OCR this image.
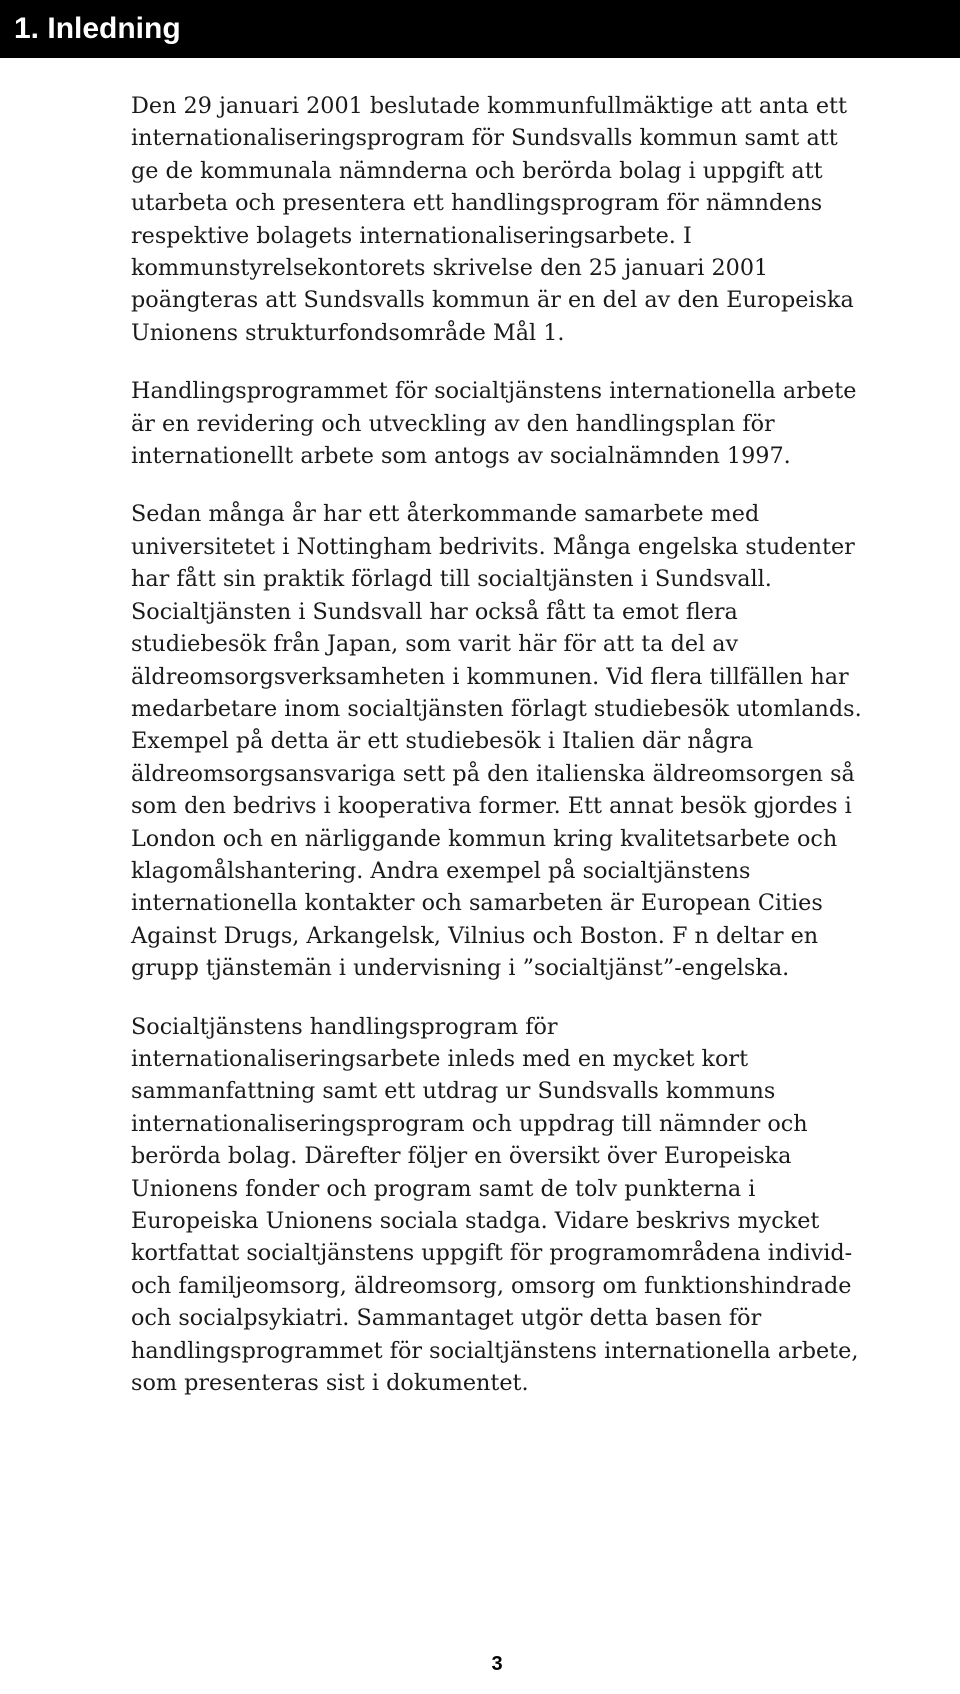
1. Inledning

Den 29 januari 2001 beslutade kommunfullmäktige att anta ett
internationaliseringsprogram för Sundsvalls kommun samt att
ge de kommunala nämnderna och berörda bolag i uppgift att
utarbeta och presentera ett handlingsprogram för nämndens
respektive bolagets internationaliseringsarbete. I
kommunstyrelsekontorets skrivelse den 25 januari 2001
poängteras att Sundsvalls kommun är en del av den Europeiska
Unionens strukturfondsområde Mål 1.

Handlingsprogrammet för socialtjänstens internationella arbete
är en revidering och utveckling av den handlingsplan för
internationellt arbete som antogs av socialnämnden 1997.

Sedan många år har ett återkommande samarbete med
universitetet i Nottingham bedrivits. Många engelska studenter
har fått sin praktik förlagd till socialtjänsten i Sundsvall.
Socialtjänsten i Sundsvall har också fått ta emot flera
studiebesök från Japan, som varit här för att ta del av
äldreomsorgsverksamheten i kommunen. Vid flera tillfällen har
medarbetare inom socialtjänsten förlagt studiebesök utomlands.
Exempel på detta är ett studiebesök i Italien där några
äldreomsorgsansvariga sett på den italienska äldreomsorgen så
som den bedrivs i kooperativa former. Ett annat besök gjordes i
London och en närliggande kommun kring kvalitetsarbete och
klagomålshantering. Andra exempel på socialtjänstens
internationella kontakter och samarbeten är European Cities
Against Drugs, Arkangelsk, Vilnius och Boston. F n deltar en
grupp tjänstemän i undervisning i ”socialtjänst”-engelska.

Socialtjänstens handlingsprogram för
internationaliseringsarbete inleds med en mycket kort
sammanfattning samt ett utdrag ur Sundsvalls kommuns
internationaliseringsprogram och uppdrag till nämnder och
berörda bolag. Därefter följer en översikt över Europeiska
Unionens fonder och program samt de tolv punkterna i
Europeiska Unionens sociala stadga. Vidare beskrivs mycket
kortfattat socialtjänstens uppgift för programområdena individ-
och familjeomsorg, äldreomsorg, omsorg om funktionshindrade
och socialpsykiatri. Sammantaget utgör detta basen för
handlingsprogrammet för socialtjänstens internationella arbete,
som presenteras sist i dokumentet.

3
